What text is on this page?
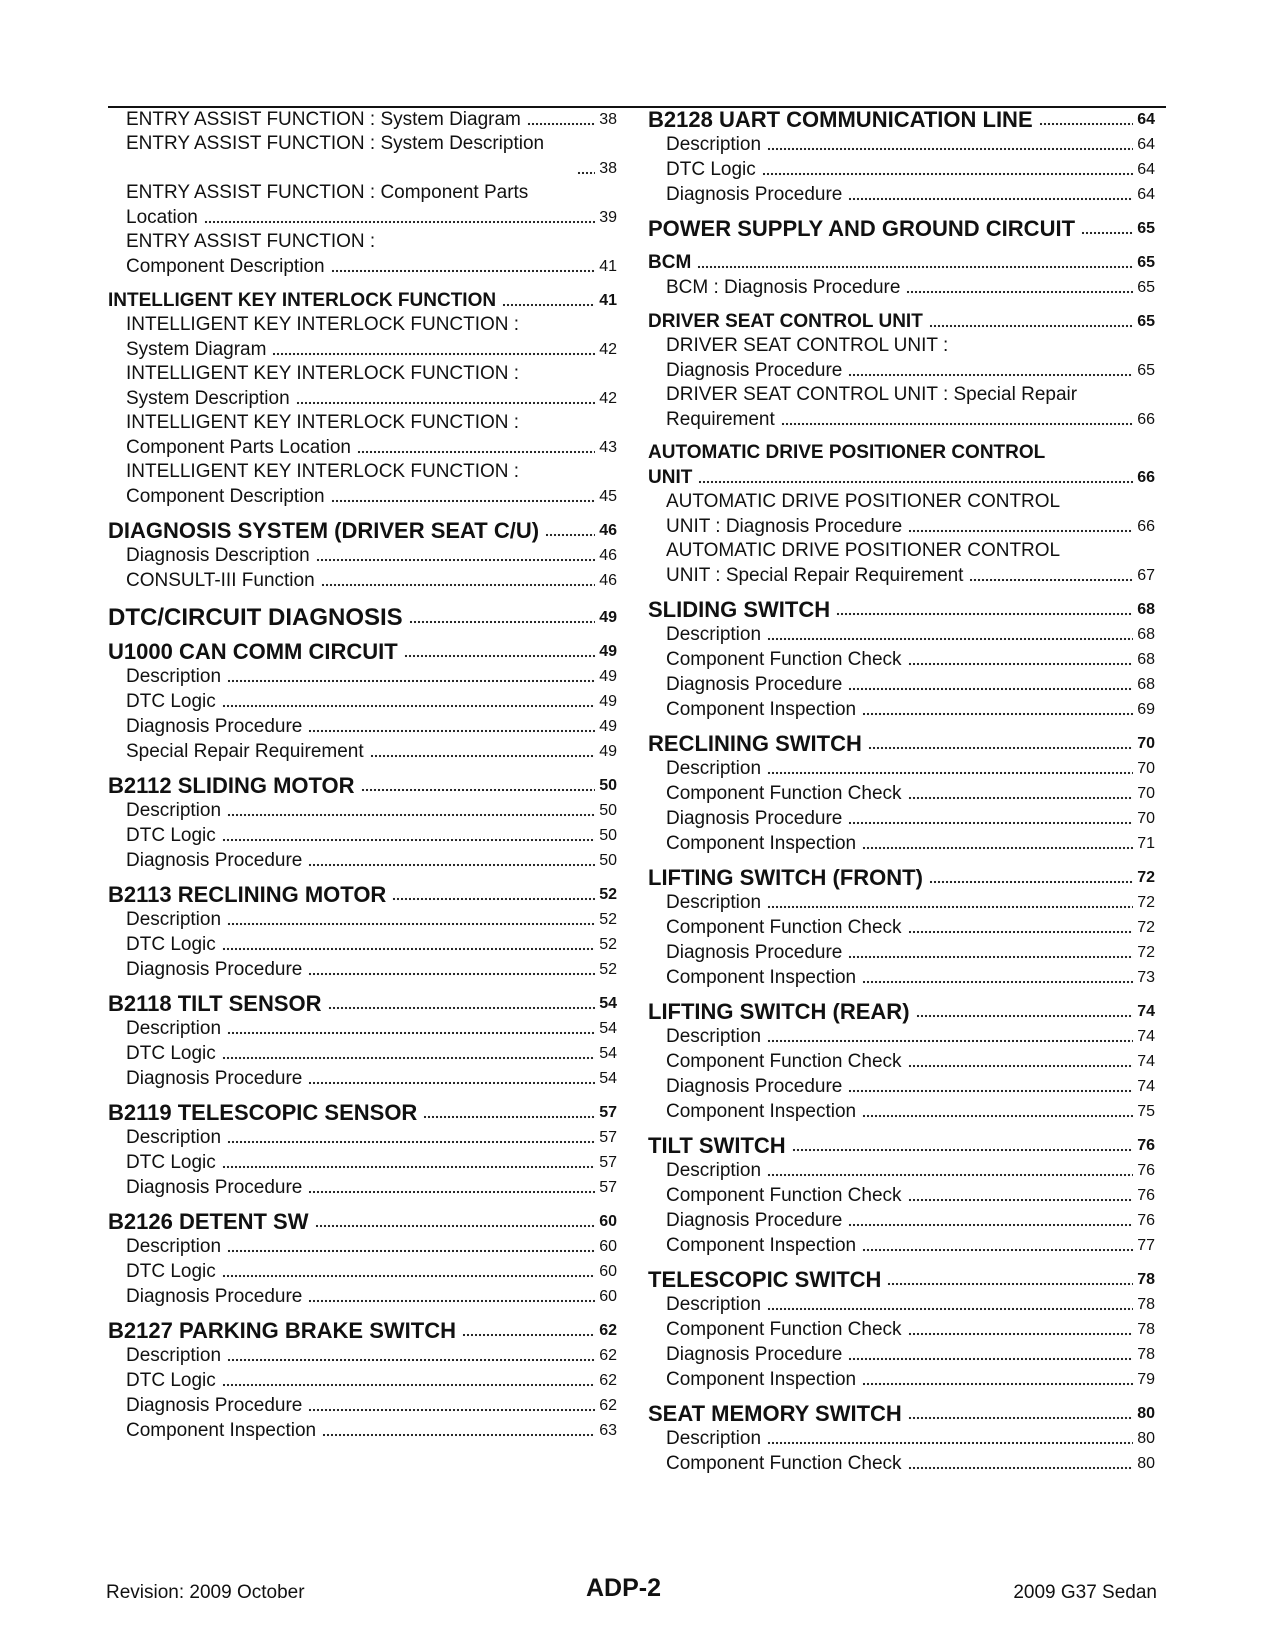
ENTRY ASSIST FUNCTION : System Diagram	38
ENTRY ASSIST FUNCTION : System Description
38
ENTRY ASSIST FUNCTION : Component Parts
Location	39
ENTRY ASSIST FUNCTION :
Component Description	41
INTELLIGENT KEY INTERLOCK FUNCTION	41
INTELLIGENT KEY INTERLOCK FUNCTION :
System Diagram	42
INTELLIGENT KEY INTERLOCK FUNCTION :
System Description	42
INTELLIGENT KEY INTERLOCK FUNCTION :
Component Parts Location	43
INTELLIGENT KEY INTERLOCK FUNCTION :
Component Description	45
DIAGNOSIS SYSTEM (DRIVER SEAT C/U)	46
Diagnosis Description	46
CONSULT-III Function	46
DTC/CIRCUIT DIAGNOSIS	49
U1000 CAN COMM CIRCUIT	49
Description	49
DTC Logic	49
Diagnosis Procedure	49
Special Repair Requirement	49
B2112 SLIDING MOTOR	50
Description	50
DTC Logic	50
Diagnosis Procedure	50
B2113 RECLINING MOTOR	52
Description	52
DTC Logic	52
Diagnosis Procedure	52
B2118 TILT SENSOR	54
Description	54
DTC Logic	54
Diagnosis Procedure	54
B2119 TELESCOPIC SENSOR	57
Description	57
DTC Logic	57
Diagnosis Procedure	57
B2126 DETENT SW	60
Description	60
DTC Logic	60
Diagnosis Procedure	60
B2127 PARKING BRAKE SWITCH	62
Description	62
DTC Logic	62
Diagnosis Procedure	62
Component Inspection	63
B2128 UART COMMUNICATION LINE	64
Description	64
DTC Logic	64
Diagnosis Procedure	64
POWER SUPPLY AND GROUND CIRCUIT	65
BCM	65
BCM : Diagnosis Procedure	65
DRIVER SEAT CONTROL UNIT	65
DRIVER SEAT CONTROL UNIT :
Diagnosis Procedure	65
DRIVER SEAT CONTROL UNIT : Special Repair
Requirement	66
AUTOMATIC DRIVE POSITIONER CONTROL
UNIT	66
AUTOMATIC DRIVE POSITIONER CONTROL
UNIT : Diagnosis Procedure	66
AUTOMATIC DRIVE POSITIONER CONTROL
UNIT : Special Repair Requirement	67
SLIDING SWITCH	68
Description	68
Component Function Check	68
Diagnosis Procedure	68
Component Inspection	69
RECLINING SWITCH	70
Description	70
Component Function Check	70
Diagnosis Procedure	70
Component Inspection	71
LIFTING SWITCH (FRONT)	72
Description	72
Component Function Check	72
Diagnosis Procedure	72
Component Inspection	73
LIFTING SWITCH (REAR)	74
Description	74
Component Function Check	74
Diagnosis Procedure	74
Component Inspection	75
TILT SWITCH	76
Description	76
Component Function Check	76
Diagnosis Procedure	76
Component Inspection	77
TELESCOPIC SWITCH	78
Description	78
Component Function Check	78
Diagnosis Procedure	78
Component Inspection	79
SEAT MEMORY SWITCH	80
Description	80
Component Function Check	80
Revision: 2009 October	ADP-2	2009 G37 Sedan
